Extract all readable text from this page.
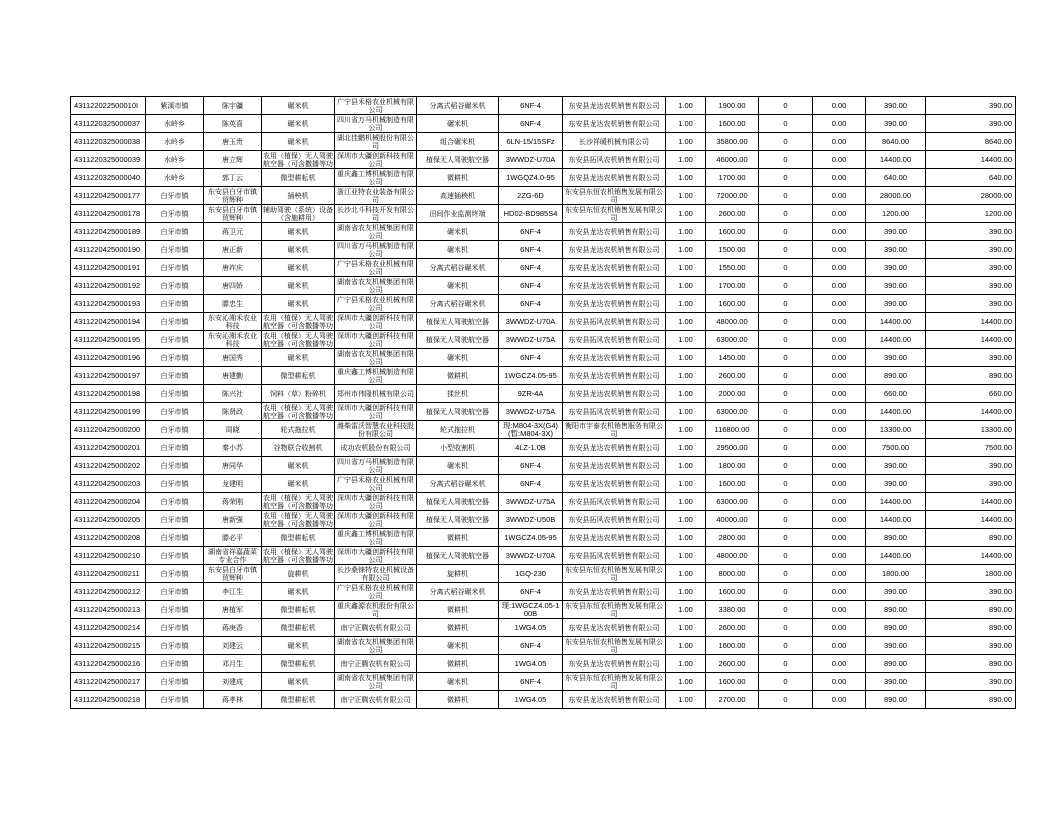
431122022500010I	紫溪市镇	陈宇疆	碾米机	广宁县禾格农业机械有限公司	分离式稻谷碾米机	6NF-4	东安县龙达农机销售有限公司	1.00	1900.00	0	0.00	390.00	390.00
4311220325000037	水岭乡	陈英喜	碾米机	四川省万马机械制造有限公司	碾米机	6NF-4	东安县龙达农机销售有限公司	1.00	1600.00	0	0.00	390.00	390.00
4311220325000038	水岭乡	唐玉贵	碾米机	湖北佳鹏机械股份有限公司	组合碾米机	6LN-15/15SFz	长沙祥暖机械有限公司	1.00	35800.00	0	0.00	8640.00	8640.00
4311220325000039	水岭乡	唐立辉	农用（植保）无人驾驶航空器（可含撒播等功	深圳市大疆创新科技有限公司	植保无人驾驶航空器	3WWDZ-U70A	东安县拓风农机销售有限公司	1.00	46000.00	0	0.00	14400.00	14400.00
4311220325000040	水岭乡	郭丁云	微型耕耘机	重庆鑫工博机械制造有限公司	微耕机	1WGQZ4.0-95	东安县龙达农机销售有限公司	1.00	1700.00	0	0.00	640.00	640.00
4311220425000177	白牙市镇	东安县白牙市镇贸辉种	插秧机	浙江亚特农业装备有限公司	高速插秧机	2ZG-6D	东安县东恒农机销售发展有限公司	1.00	72000.00	0	0.00	28000.00	28000.00
4311220425000178	白牙市镇	东安县白牙市镇贸辉种	辅助驾驶（系统）设备（含施耕用）	长沙北斗科技开发有限公司	田间作业监测终端	HD02-BD985S4	东安县东恒农机销售发展有限公司	1.00	2600.00	0	0.00	1200.00	1200.00
4311220425000189	白牙市镇	蒋卫元	碾米机	湖南省农友机械集团有限公司	碾米机	6NF-4	东安县龙达农机销售有限公司	1.00	1600.00	0	0.00	390.00	390.00
4311220425000190	白牙市镇	唐正新	碾米机	四川省万马机械制造有限公司	碾米机	6NF-4	东安县龙达农机销售有限公司	1.00	1500.00	0	0.00	390.00	390.00
4311220425000191	白牙市镇	唐祚庆	碾米机	广宁县禾格农业机械有限公司	分离式稻谷碾米机	6NF-4	东安县龙达农机销售有限公司	1.00	1550.00	0	0.00	390.00	390.00
4311220425000192	白牙市镇	唐四娇	碾米机	湖南省农友机械集团有限公司	碾米机	6NF-4	东安县龙达农机销售有限公司	1.00	1700.00	0	0.00	390.00	390.00
4311220425000193	白牙市镇	滕忠生	碾米机	广宁县禾格农业机械有限公司	分离式稻谷碾米机	6NF-4	东安县龙达农机销售有限公司	1.00	1600.00	0	0.00	390.00	390.00
4311220425000194	白牙市镇	东安沁湘禾农业科技	农用（植保）无人驾驶航空器（可含撒播等功	深圳市大疆创新科技有限公司	植保无人驾驶航空器	3WWDZ-U70A	东安县拓风农机销售有限公司	1.00	48000.00	0	0.00	14400.00	14400.00
4311220425000195	白牙市镇	东安沁湘禾农业科技	农用（植保）无人驾驶航空器（可含撒播等功	深圳市大疆创新科技有限公司	植保无人驾驶航空器	3WWDZ-U75A	东安县拓风农机销售有限公司	1.00	63000.00	0	0.00	14400.00	14400.00
4311220425000196	白牙市镇	唐国秀	碾米机	湖南省农友机械集团有限公司	碾米机	6NF-4	东安县龙达农机销售有限公司	1.00	1450.00	0	0.00	390.00	390.00
4311220425000197	白牙市镇	唐建勤	微型耕耘机	重庆鑫工博机械制造有限公司	微耕机	1WGCZ4.05-95	东安县龙达农机销售有限公司	1.00	2600.00	0	0.00	890.00	890.00
4311220425000198	白牙市镇	陈兴社	饲料（草）粉碎机	郑州市伟隆机械有限公司	揉丝机	9ZR-4A	东安县龙达农机销售有限公司	1.00	2000.00	0	0.00	660.00	660.00
4311220425000199	白牙市镇	陈贤政	农用（植保）无人驾驶航空器（可含撒播等功	深圳市大疆创新科技有限公司	植保无人驾驶航空器	3WWDZ-U75A	东安县拓风农机销售有限公司	1.00	63000.00	0	0.00	14400.00	14400.00
4311220425000200	白牙市镇	周晓	轮式拖拉机	潍柴雷沃智慧农业科技股份有限公司	轮式拖拉机	现:M804-3X(G4)(暂:M804-3X)	衡阳市宇泰农机销售服务有限公司	1.00	116800.00	0	0.00	13300.00	13300.00
4311220425000201	白牙市镇	秦小苏	谷物联合收割机	成功农机股份有限公司	小型收割机	4LZ-1.0B	东安县龙达农机销售有限公司	1.00	29500.00	0	0.00	7500.00	7500.00
4311220425000202	白牙市镇	唐同华	碾米机	四川省万马机械制造有限公司	碾米机	6NF-4	东安县龙达农机销售有限公司	1.00	1800.00	0	0.00	390.00	390.00
4311220425000203	白牙市镇	龙建明	碾米机	广宁县禾格农业机械有限公司	分离式稻谷碾米机	6NF-4	东安县龙达农机销售有限公司	1.00	1600.00	0	0.00	390.00	390.00
4311220425000204	白牙市镇	蒋荣刚	农用（植保）无人驾驶航空器（可含撒播等功	深圳市大疆创新科技有限公司	植保无人驾驶航空器	3WWDZ-U75A	东安县拓风农机销售有限公司	1.00	63000.00	0	0.00	14400.00	14400.00
4311220425000205	白牙市镇	唐新强	农用（植保）无人驾驶航空器（可含撒播等功	深圳市大疆创新科技有限公司	植保无人驾驶航空器	3WWDZ-U50B	东安县拓风农机销售有限公司	1.00	40000.00	0	0.00	14400.00	14400.00
4311220425000208	白牙市镇	滕必平	微型耕耘机	重庆鑫工博机械制造有限公司	微耕机	1WGCZ4.05-95	东安县龙达农机销售有限公司	1.00	2800.00	0	0.00	890.00	890.00
4311220425000210	白牙市镇	湖南省祥嘉蔬菜专业合作	农用（植保）无人驾驶航空器（可含撒播等功	深圳市大疆创新科技有限公司	植保无人驾驶航空器	3WWDZ-U70A	东安县拓风农机销售有限公司	1.00	48000.00	0	0.00	14400.00	14400.00
4311220425000211	白牙市镇	东安县白牙市镇贸辉种	旋耕机	长沙桑铼特农业机械设备有限公司	旋耕机	1GQ-230	东安县东恒农机销售发展有限公司	1.00	8000.00	0	0.00	1800.00	1800.00
4311220425000212	白牙市镇	李江生	碾米机	广宁县禾格农业机械有限公司	分离式稻谷碾米机	6NF-4	东安县龙达农机销售有限公司	1.00	1600.00	0	0.00	390.00	390.00
4311220425000213	白牙市镇	唐植军	微型耕耘机	重庆鑫源农机股份有限公司	微耕机	现:1WGCZ4.05-100B	东安县东恒农机销售发展有限公司	1.00	3380.00	0	0.00	890.00	890.00
4311220425000214	白牙市镇	蒋庚香	微型耕耘机	南宁正腾农机有限公司	微耕机	1WG4.05	东安县龙达农机销售有限公司	1.00	2600.00	0	0.00	890.00	890.00
4311220425000215	白牙市镇	刘建云	碾米机	湖南省农友机械集团有限公司	碾米机	6NF-4	东安县东恒农机销售发展有限公司	1.00	1600.00	0	0.00	390.00	390.00
4311220425000216	白牙市镇	邓月生	微型耕耘机	南宁正腾农机有限公司	微耕机	1WG4.05	东安县龙达农机销售有限公司	1.00	2600.00	0	0.00	890.00	890.00
4311220425000217	白牙市镇	刘建成	碾米机	湖南省农友机械集团有限公司	碾米机	6NF-4	东安县东恒农机销售发展有限公司	1.00	1600.00	0	0.00	390.00	390.00
4311220425000218	白牙市镇	蒋孝林	微型耕耘机	南宁正腾农机有限公司	微耕机	1WG4.05	东安县龙达农机销售有限公司	1.00	2700.00	0	0.00	890.00	890.00
